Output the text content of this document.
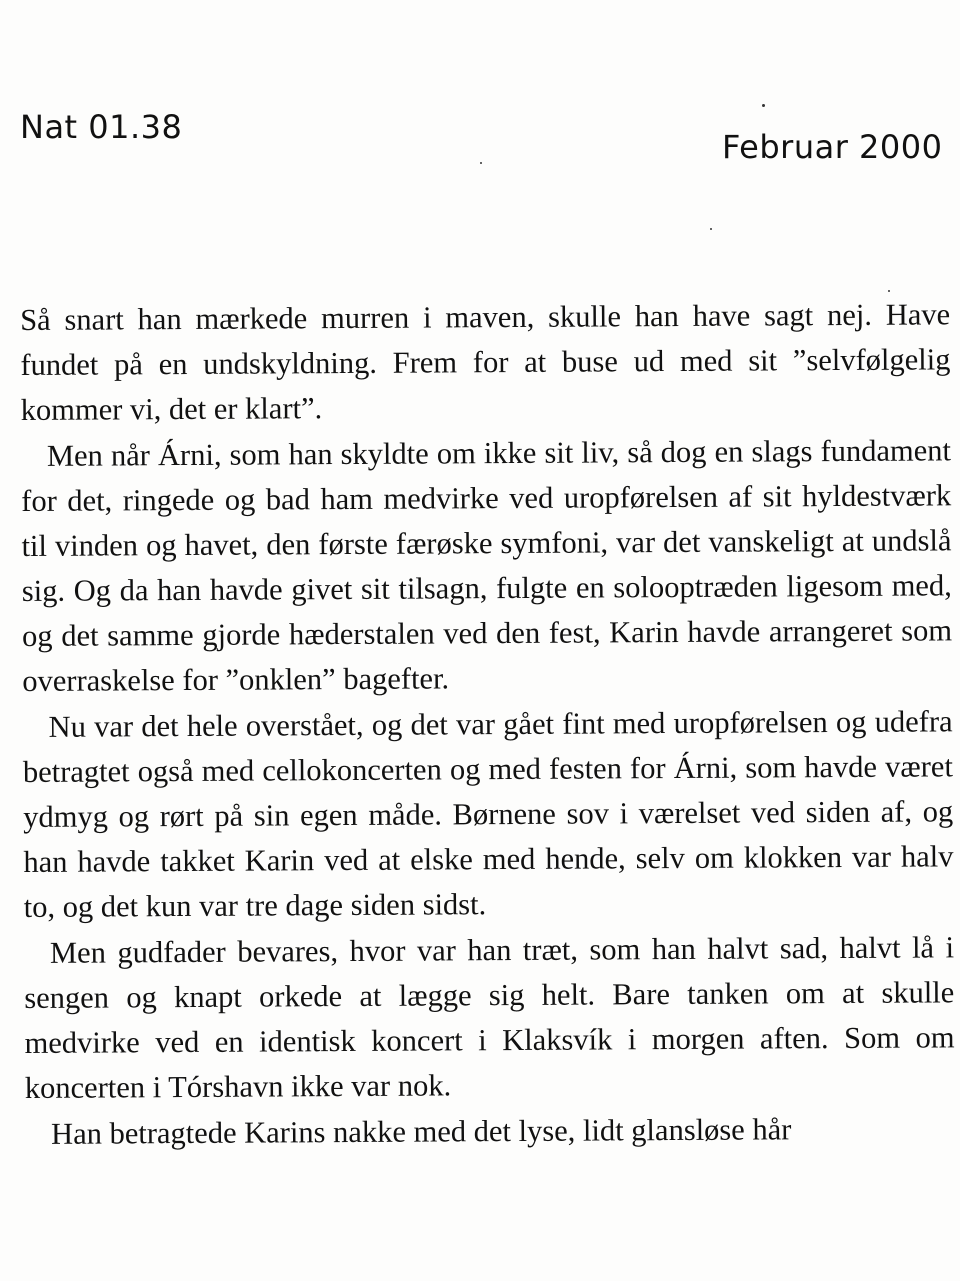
Nat 01.38
Februar 2000

Så snart han mærkede murren i maven, skulle han have sagt nej. Have fundet på en undskyldning. Frem for at buse ud med sit ”selvfølgelig kommer vi, det er klart”.

Men når Árni, som han skyldte om ikke sit liv, så dog en slags fundament for det, ringede og bad ham medvirke ved uropførelsen af sit hyldestværk til vinden og havet, den første færøske symfoni, var det vanskeligt at undslå sig. Og da han havde givet sit tilsagn, fulgte en solooptræden ligesom med, og det samme gjorde hæderstalen ved den fest, Karin havde arrangeret som overraskelse for ”onklen” bagefter.

Nu var det hele overstået, og det var gået fint med uropførelsen og udefra betragtet også med cellokoncerten og med festen for Árni, som havde været ydmyg og rørt på sin egen måde. Børnene sov i værelset ved siden af, og han havde takket Karin ved at elske med hende, selv om klokken var halv to, og det kun var tre dage siden sidst.

Men gudfader bevares, hvor var han træt, som han halvt sad, halvt lå i sengen og knapt orkede at lægge sig helt. Bare tanken om at skulle medvirke ved en identisk koncert i Klaksvík i morgen aften. Som om koncerten i Tórshavn ikke var nok.

Han betragtede Karins nakke med det lyse, lidt glansløse hår
